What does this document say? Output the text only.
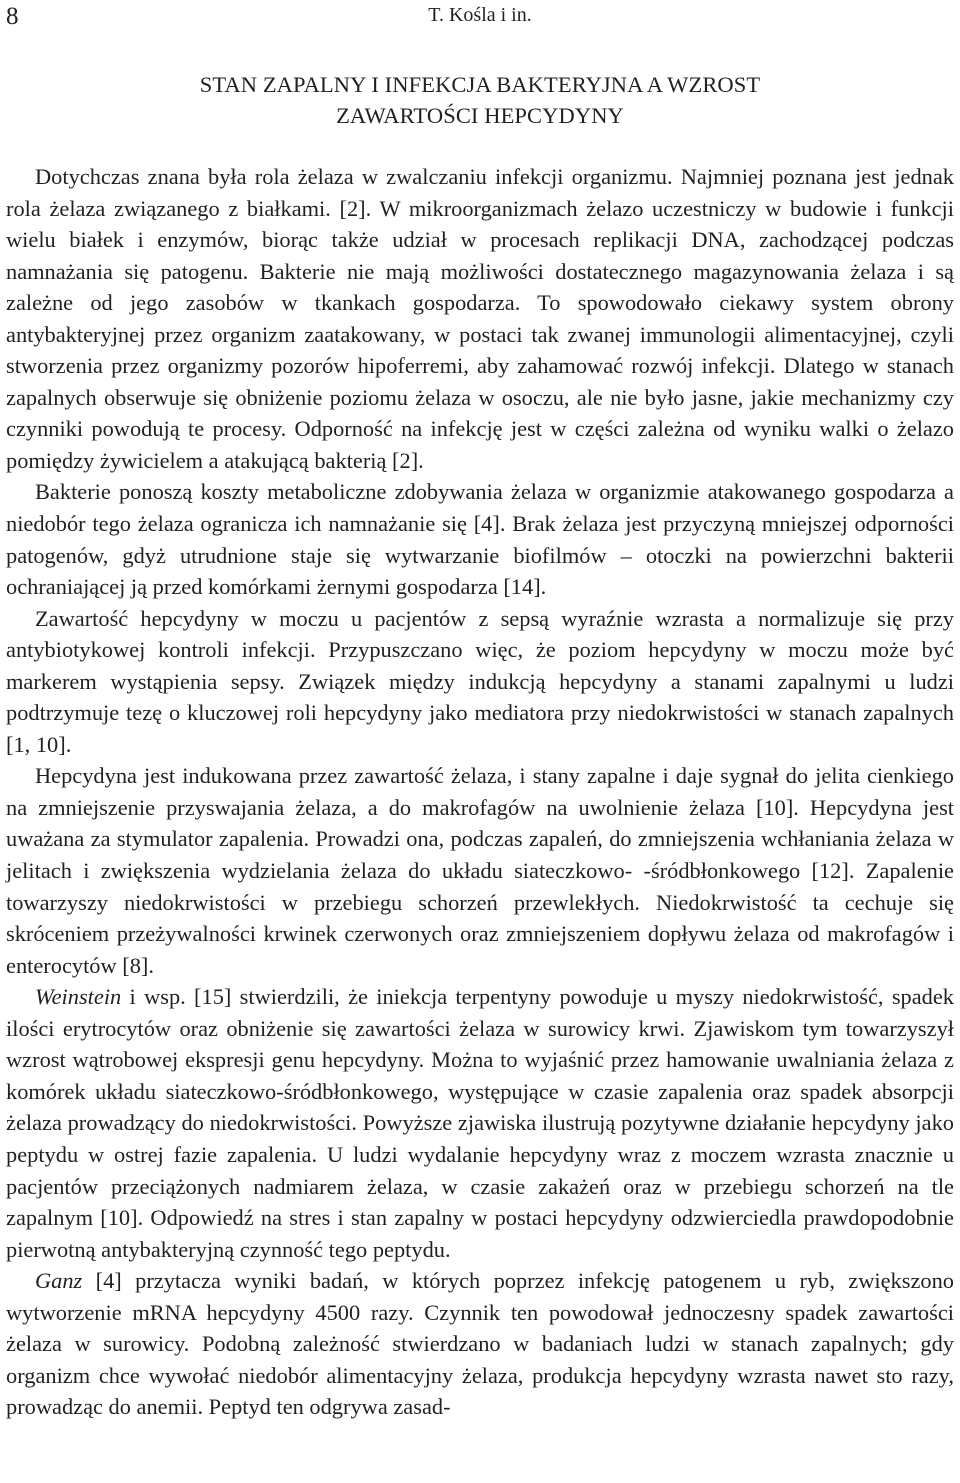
8	T. Kośla i in.
STAN ZAPALNY I INFEKCJA BAKTERYJNA A WZROST
ZAWARTOŚCI HEPCYDYNY

Dotychczas znana była rola żelaza w zwalczaniu infekcji organizmu. Najmniej poznana jest jednak rola żelaza związanego z białkami. [2]. W mikroorganizmach żelazo uczestniczy w budowie i funkcji wielu białek i enzymów, biorąc także udział w procesach replikacji DNA, zachodzącej podczas namnażania się patogenu. Bakterie nie mają możliwości dostatecznego magazynowania żelaza i są zależne od jego zasobów w tkankach gospodarza. To spowodowało ciekawy system obrony antybakteryjnej przez organizm zaatakowany, w postaci tak zwanej immunologii alimentacyjnej, czyli stworzenia przez organizmy pozorów hipoferremi, aby zahamować rozwój infekcji. Dlatego w stanach zapalnych obserwuje się obniżenie poziomu żelaza w osoczu, ale nie było jasne, jakie mechanizmy czy czynniki powodują te procesy. Odporność na infekcję jest w części zależna od wyniku walki o żelazo pomiędzy żywicielem a atakującą bakterią [2].

Bakterie ponoszą koszty metaboliczne zdobywania żelaza w organizmie atakowanego gospodarza a niedobór tego żelaza ogranicza ich namnażanie się [4]. Brak żelaza jest przyczyną mniejszej odporności patogenów, gdyż utrudnione staje się wytwarzanie biofilmów – otoczki na powierzchni bakterii ochraniającej ją przed komórkami żernymi gospodarza [14].

Zawartość hepcydyny w moczu u pacjentów z sepsą wyraźnie wzrasta a normalizuje się przy antybiotykowej kontroli infekcji. Przypuszczano więc, że poziom hepcydyny w moczu może być markerem wystąpienia sepsy. Związek między indukcją hepcydyny a stanami zapalnymi u ludzi podtrzymuje tezę o kluczowej roli hepcydyny jako mediatora przy niedokrwistości w stanach zapalnych [1, 10].

Hepcydyna jest indukowana przez zawartość żelaza, i stany zapalne i daje sygnał do jelita cienkiego na zmniejszenie przyswajania żelaza, a do makrofagów na uwolnienie żelaza [10]. Hepcydyna jest uważana za stymulator zapalenia. Prowadzi ona, podczas zapaleń, do zmniejszenia wchłaniania żelaza w jelitach i zwiększenia wydzielania żelaza do układu siateczkowo- -śródbłonkowego [12]. Zapalenie towarzyszy niedokrwistości w przebiegu schorzeń przewlekłych. Niedokrwistość ta cechuje się skróceniem przeżywalności krwinek czerwonych oraz zmniejszeniem dopływu żelaza od makrofagów i enterocytów [8].

Weinstein i wsp. [15] stwierdzili, że iniekcja terpentyny powoduje u myszy niedokrwistość, spadek ilości erytrocytów oraz obniżenie się zawartości żelaza w surowicy krwi. Zjawiskom tym towarzyszył wzrost wątrobowej ekspresji genu hepcydyny. Można to wyjaśnić przez hamowanie uwalniania żelaza z komórek układu siateczkowo-śródbłonkowego, występujące w czasie zapalenia oraz spadek absorpcji żelaza prowadzący do niedokrwistości. Powyższe zjawiska ilustrują pozytywne działanie hepcydyny jako peptydu w ostrej fazie zapalenia. U ludzi wydalanie hepcydyny wraz z moczem wzrasta znacznie u pacjentów przeciążonych nadmiarem żelaza, w czasie zakażeń oraz w przebiegu schorzeń na tle zapalnym [10]. Odpowiedź na stres i stan zapalny w postaci hepcydyny odzwierciedla prawdopodobnie pierwotną antybakteryjną czynność tego peptydu.

Ganz [4] przytacza wyniki badań, w których poprzez infekcję patogenem u ryb, zwiększono wytworzenie mRNA hepcydyny 4500 razy. Czynnik ten powodował jednoczesny spadek zawartości żelaza w surowicy. Podobną zależność stwierdzano w badaniach ludzi w stanach zapalnych; gdy organizm chce wywołać niedobór alimentacyjny żelaza, produkcja hepcydyny wzrasta nawet sto razy, prowadząc do anemii. Peptyd ten odgrywa zasad-
